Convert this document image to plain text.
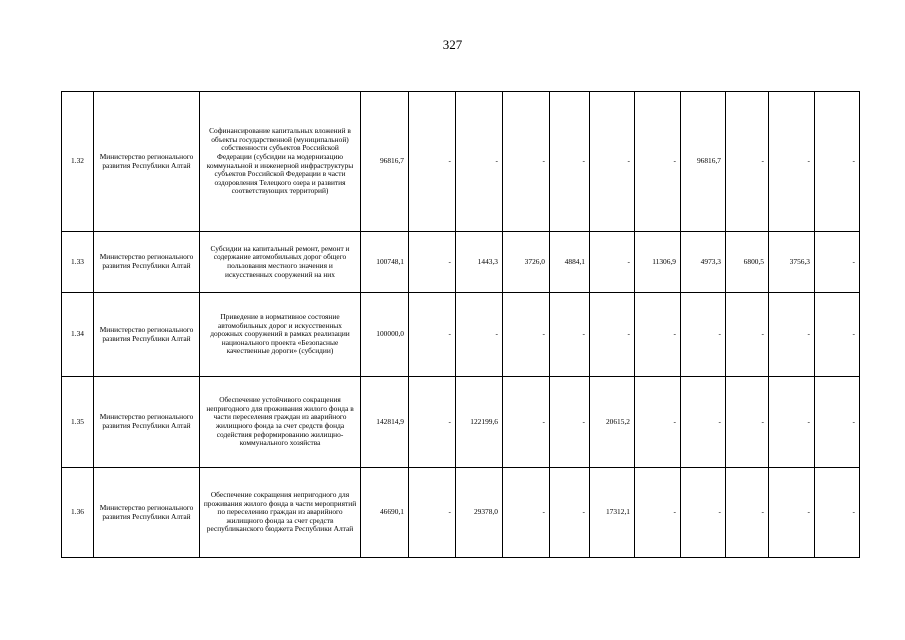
327
1.32	Министерство регионального развития Республики Алтай	Софинансирование капитальных вложений в объекты государственной (муниципальной) собственности субъектов Российской Федерации (субсидии на модернизацию коммунальной и инженерной инфраструктуры субъектов Российской Федерации в части оздоровления Телецкого озера и развития соответствующих территорий)	96816,7	-	-	-	-	-	-	96816,7	-	-	-	
1.33	Министерство регионального развития Республики Алтай	Субсидии на капитальный ремонт, ремонт и содержание автомобильных дорог общего пользования местного значения и искусственных сооружений на них	100748,1	-	1443,3	3726,0	4884,1	-	11306,9	4973,3	6800,5	3756,3	-	
1.34	Министерство регионального развития Республики Алтай	Приведение в нормативное состояние автомобильных дорог и искусственных дорожных сооружений в рамках реализации национального проекта «Безопасные качественные дороги» (субсидии)	100000,0	-	-	-	-	-	-	-	-	-	-	
1.35	Министерство регионального развития Республики Алтай	Обеспечение устойчивого сокращения непригодного для проживания жилого фонда в части переселения граждан из аварийного жилищного фонда за счет средств фонда содействия реформированию жилищно-коммунального хозяйства	142814,9	-	122199,6	-	-	20615,2	-	-	-	-	-	
1.36	Министерство регионального развития Республики Алтай	Обеспечение сокращения непригодного для проживания жилого фонда в части мероприятий по переселению граждан из аварийного жилищного фонда за счет средств республиканского бюджета Республики Алтай	46690,1	-	29378,0	-	-	17312,1	-	-	-	-	-	
